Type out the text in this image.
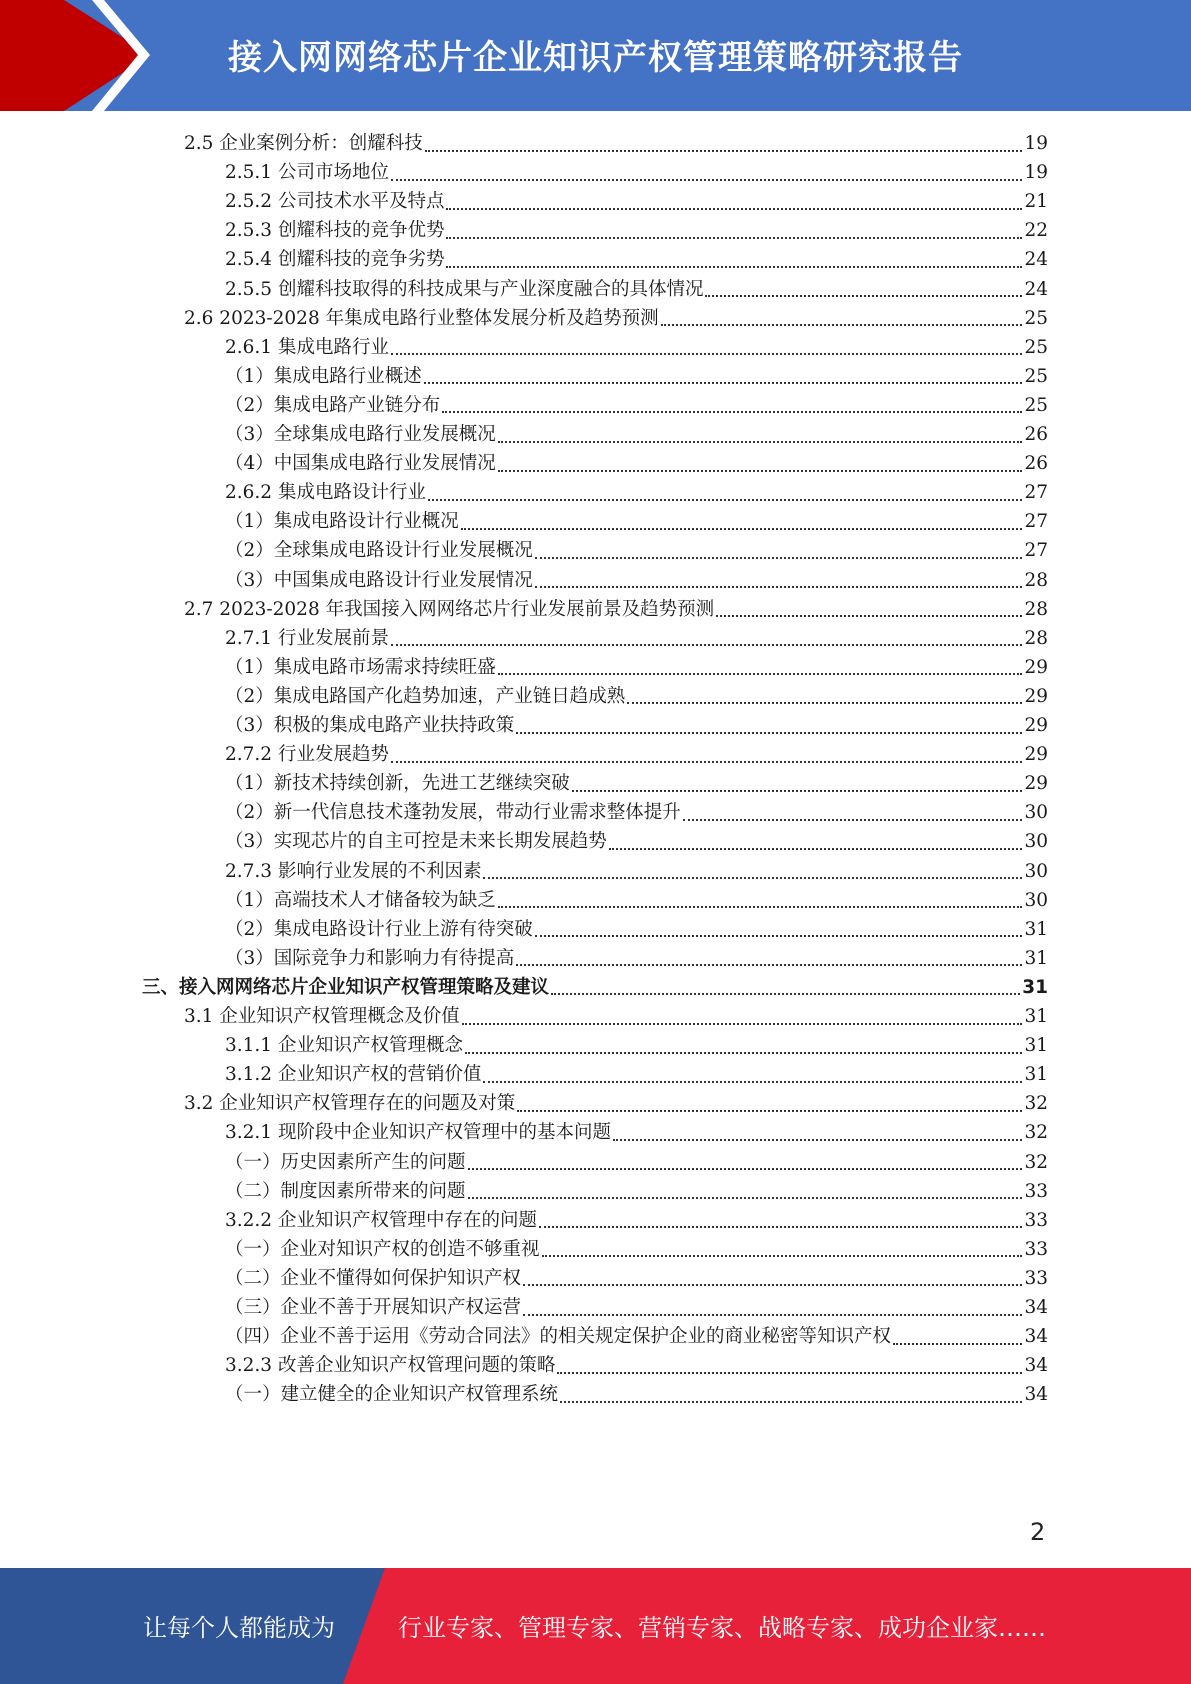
接入网网络芯片企业知识产权管理策略研究报告
2.5 企业案例分析：创耀科技	19
2.5.1 公司市场地位	19
2.5.2 公司技术水平及特点	21
2.5.3 创耀科技的竞争优势	22
2.5.4 创耀科技的竞争劣势	24
2.5.5 创耀科技取得的科技成果与产业深度融合的具体情况	24
2.6 2023-2028 年集成电路行业整体发展分析及趋势预测	25
2.6.1 集成电路行业	25
（1）集成电路行业概述	25
（2）集成电路产业链分布	25
（3）全球集成电路行业发展概况	26
（4）中国集成电路行业发展情况	26
2.6.2 集成电路设计行业	27
（1）集成电路设计行业概况	27
（2）全球集成电路设计行业发展概况	27
（3）中国集成电路设计行业发展情况	28
2.7 2023-2028 年我国接入网网络芯片行业发展前景及趋势预测	28
2.7.1 行业发展前景	28
（1）集成电路市场需求持续旺盛	29
（2）集成电路国产化趋势加速，产业链日趋成熟	29
（3）积极的集成电路产业扶持政策	29
2.7.2 行业发展趋势	29
（1）新技术持续创新，先进工艺继续突破	29
（2）新一代信息技术蓬勃发展，带动行业需求整体提升	30
（3）实现芯片的自主可控是未来长期发展趋势	30
2.7.3 影响行业发展的不利因素	30
（1）高端技术人才储备较为缺乏	30
（2）集成电路设计行业上游有待突破	31
（3）国际竞争力和影响力有待提高	31
三、接入网网络芯片企业知识产权管理策略及建议	31
3.1 企业知识产权管理概念及价值	31
3.1.1 企业知识产权管理概念	31
3.1.2 企业知识产权的营销价值	31
3.2 企业知识产权管理存在的问题及对策	32
3.2.1 现阶段中企业知识产权管理中的基本问题	32
（一）历史因素所产生的问题	32
（二）制度因素所带来的问题	33
3.2.2 企业知识产权管理中存在的问题	33
（一）企业对知识产权的创造不够重视	33
（二）企业不懂得如何保护知识产权	33
（三）企业不善于开展知识产权运营	34
（四）企业不善于运用《劳动合同法》的相关规定保护企业的商业秘密等知识产权	34
3.2.3 改善企业知识产权管理问题的策略	34
（一）建立健全的企业知识产权管理系统	34
2
让每个人都能成为	行业专家、管理专家、营销专家、战略专家、成功企业家……
